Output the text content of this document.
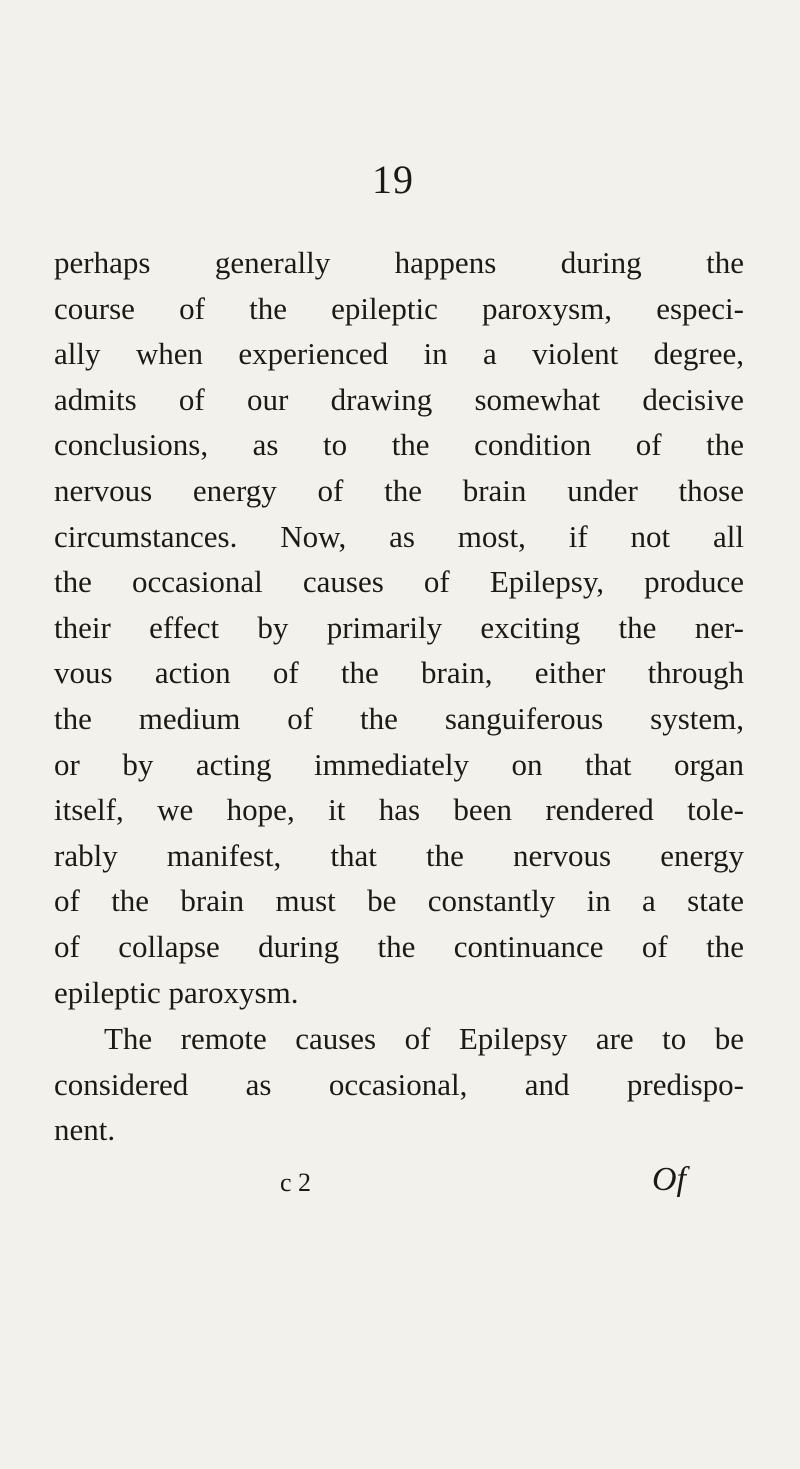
19
perhaps generally happens during the
course of the epileptic paroxysm, especi-
ally when experienced in a violent degree,
admits of our drawing somewhat decisive
conclusions, as to the condition of the
nervous energy of the brain under those
circumstances. Now, as most, if not all
the occasional causes of Epilepsy, produce
their effect by primarily exciting the ner-
vous action of the brain, either through
the medium of the sanguiferous system,
or by acting immediately on that organ
itself, we hope, it has been rendered tole-
rably manifest, that the nervous energy
of the brain must be constantly in a state
of collapse during the continuance of the
epileptic paroxysm.
The remote causes of Epilepsy are to be
considered as occasional, and predispo-
nent.
c 2	Of
